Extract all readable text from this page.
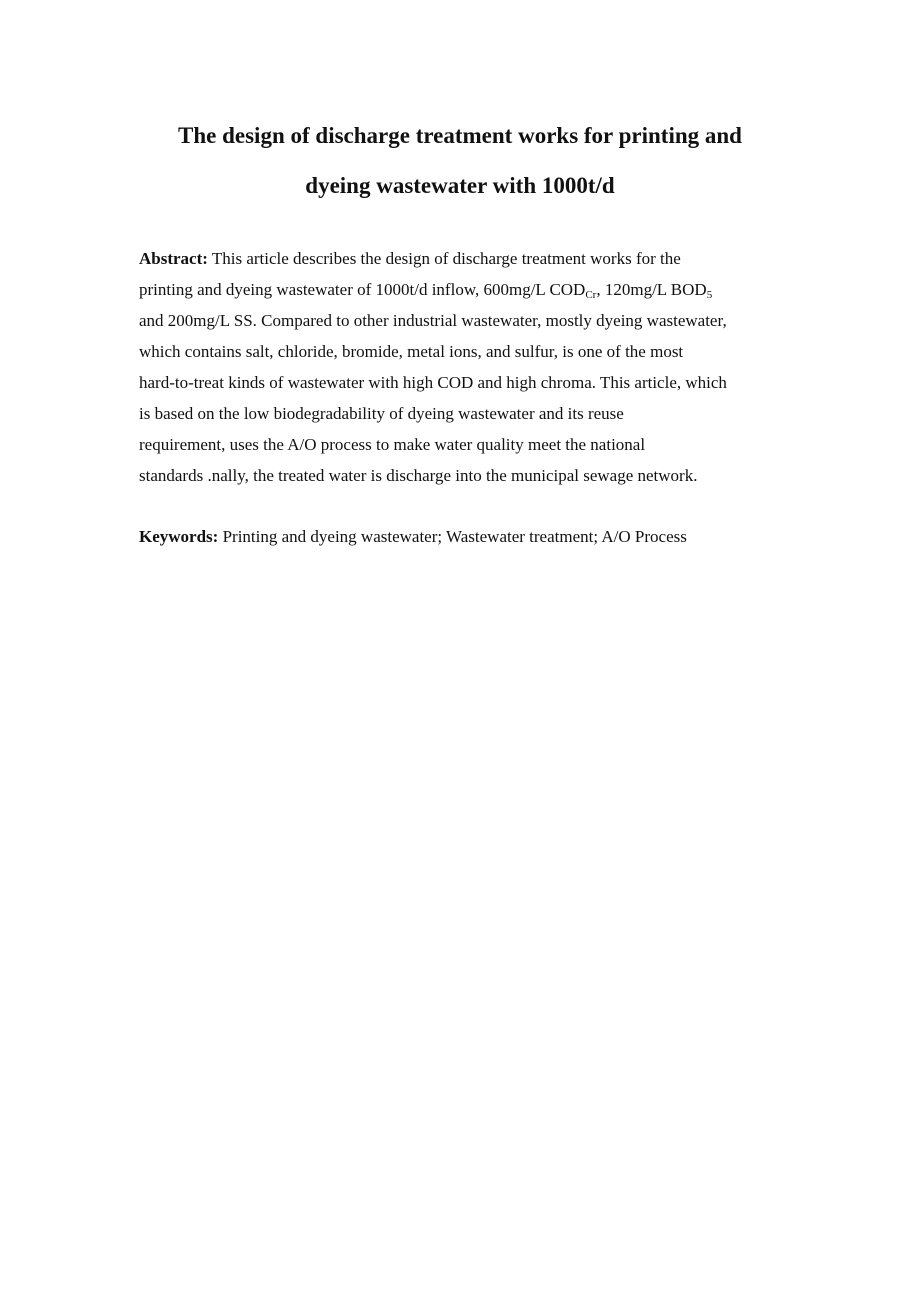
The design of discharge treatment works for printing and
dyeing wastewater with 1000t/d
Abstract: This article describes the design of discharge treatment works for the
printing and dyeing wastewater of 1000t/d inflow, 600mg/L $COD_{Cr}$, 120mg/L $BOD_5$
and 200mg/L SS. Compared to other industrial wastewater, mostly dyeing wastewater,
which contains salt, chloride, bromide, metal ions, and sulfur, is one of the most
hard-to-treat kinds of wastewater with high COD and high chroma. This article, which
is based on the low biodegradability of dyeing wastewater and its reuse
requirement, uses the A/O process to make water quality meet the national
standards .nally, the treated water is discharge into the municipal sewage network.
Keywords: Printing and dyeing wastewater; Wastewater treatment; A/O Process
